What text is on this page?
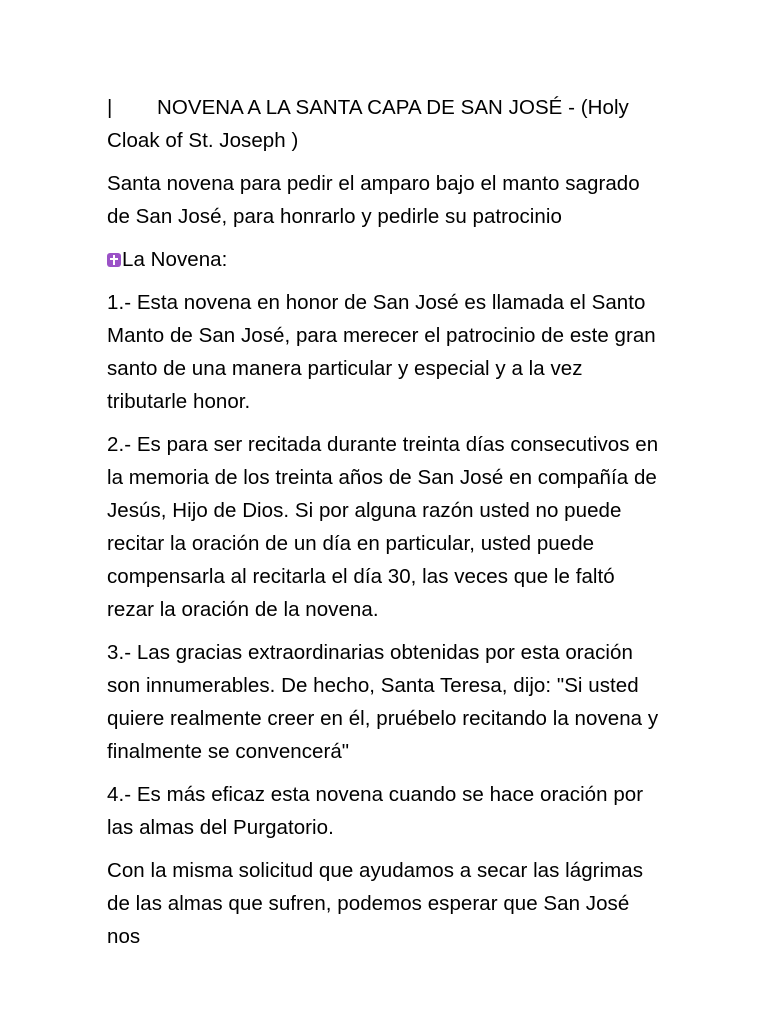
| NOVENA A LA SANTA CAPA DE SAN JOSÉ - (Holy Cloak of St. Joseph )

Santa novena para pedir el amparo bajo el manto sagrado de San José, para honrarlo y pedirle su patrocinio

La Novena:

1.- Esta novena en honor de San José es llamada el Santo Manto de San José, para merecer el patrocinio de este gran santo de una manera particular y especial y a la vez tributarle honor.

2.- Es para ser recitada durante treinta días consecutivos en la memoria de los treinta años de San José en compañía de Jesús, Hijo de Dios. Si por alguna razón usted no puede recitar la oración de un día en particular, usted puede compensarla al recitarla el día 30, las veces que le faltó rezar la oración de la novena.

3.- Las gracias extraordinarias obtenidas por esta oración son innumerables. De hecho, Santa Teresa, dijo: "Si usted quiere realmente creer en él, pruébelo recitando la novena y finalmente se convencerá"

4.- Es más eficaz esta novena cuando se hace oración por las almas del Purgatorio.

Con la misma solicitud que ayudamos a secar las lágrimas de las almas que sufren, podemos esperar que San José nos
